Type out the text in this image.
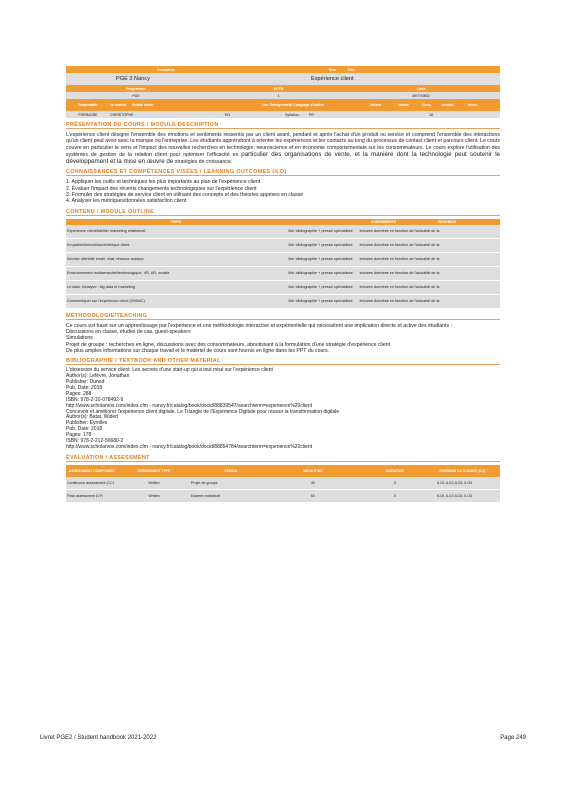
Formation	Titre	Title
PGE 2 Nancy	Expérience client
Programme	ECTS	Code
PGE	1	MKT04802
Responsable	du module	Module leader	Lan- Enseignement / Language of tuition	Volume	horaire	Class	contact	hours
PIERMORE	CHRISTOPHE	EN	Syllabus:	FR	16
PRÉSENTATION DU COURS / MODULE DESCRIPTION
L'expérience client désigne l'ensemble des émotions et sentiments ressentis par un client avant, pendant et après l'achat d'un produit ou service et comprend l'ensemble des interactions qu'un client peut avoir avec la marque ou l'entreprise. Les étudiants appréndront à orienter les expériences et les contacts au long du processus de contact client et parcours client. Le cours couvre en particulier le sens et l'impact des nouvelles recherches en technologie, neuroscience et en économie comportementale sur les consommateurs. Le cours explore l'utilisation des systèmes de gestion de la relation client pour optimiser l'efficacité en particulier des organisations de vente, et la manière dont la technologie peut soutenir le développement et la mise en œuvre de stratégies de croissance.
CONNAISSANCES ET COMPÉTENCES VISÉES / LEARNING OUTCOMES (ILO)
1. Appliquer les outils et techniques les plus importants au plan de l'expérience client
2. Évaluer l'impact des récents changements technologiques sur l'expérience client
3. Formuler des stratégies de service client en utilisant des concepts et des théories apprises en classe
4. Analyser les métriques/données satisfaction client
CONTENU / MODULE OUTLINE
TOPIC	ASSIGNMENTS	READINGS
Expérience client/fidélité/ marketing relationnel	Voir bibliographie + presse spécialisée	lectures données en fonction de l'actualité de la
Empathie/bienveillance/éthique client	Voir bibliographie + presse spécialisée	lectures données en fonction de l'actualité de la
Service clientèle email, chat, réseaux sociaux	Voir bibliographie + presse spécialisée	lectures données en fonction de l'actualité de la
Environnement multisensoriel/technologique, VR, AR, mobile	Voir bibliographie + presse spécialisée	lectures données en fonction de l'actualité de la
Le data, l'analyse : big data et marketing	Voir bibliographie + presse spécialisée	lectures données en fonction de l'actualité de la
Communiquer sur l'expérience client (CMIMC)	Voir bibliographie + presse spécialisée	lectures données en fonction de l'actualité de la
MÉTHODOLOGIE/TEACHING
Ce cours est basé sur un apprentissage par l'expérience et une méthodologie interactive et expérientielle qui nécessitent une implication directe et active des étudiants :
Discussions en classe, études de cas, guest-speakers
Simulations
Projet de groupe : recherches en ligne, discussions avec des consommateurs, aboutissant à la formulation d'une stratégie d'expérience client
De plus amples informations sur chaque travail et le matériel de cours sont fournis en ligne dans les PPT du cours.
BIBLIOGRAPHIE / TEXTBOOK AND OTHER MATERIAL
L'obsession du service client. Les secrets d'une start-up qui a tout misé sur l'expérience client
Author(s): Lefèvre, Jonathan
Publisher: Dunod
Pub. Date: 2018
Pages: 288
ISBN: 978-2-10-078492-9
http://www.scholarvox.com/index.cfm - nancy.fr/catalog/book/docid/88839547/searchterm=experience%20client
Concevoir et améliorer l'expérience client digitale. Le Triangle de l'Expérience Digitale pour réussir la transformation digitale
Author(s): Batat, Wided
Publisher: Eyrolles
Pub. Date: 2018
Pages: 178
ISBN: 978-2-212-56680-2
http://www.scholarvox.com/index.cfm - nancy.fr/catalog/book/docid/88854784/searchterm=experience%20client
ÉVALUATION / ASSESSMENT
ASSESSMENT COMPONENT	ASSESSMENT TYPE	PERIOD	WEIGHTING	DURATION	LEARNING OUTCOMES (ILO)
Continuous assessment (CC)	Written	Projet de groupe	40	0	ILO1,ILO2,ILO3, ILO4
Final assessment (CF)	Written	Examen individuel	60	0	ILO1,ILO2,ILO3, ILO4
Livret PGE2 / Student handbook 2021-2022	Page 249
